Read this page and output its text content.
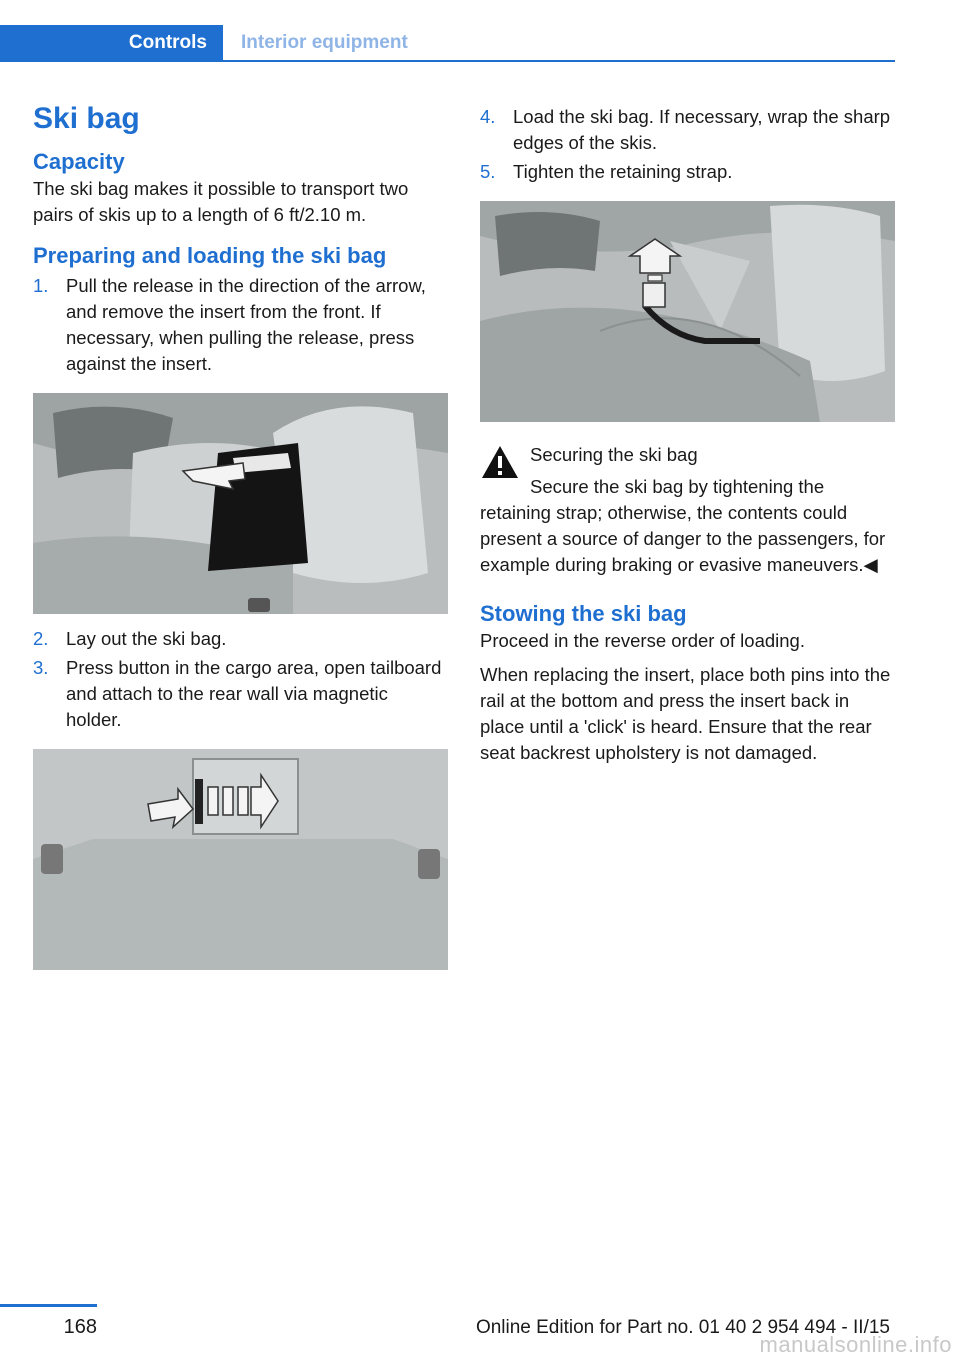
Controls	Interior equipment
Ski bag
Capacity

The ski bag makes it possible to transport two pairs of skis up to a length of 6 ft/2.10 m.

Preparing and loading the ski bag
1. Pull the release in the direction of the arrow, and remove the insert from the front. If necessary, when pulling the release, press against the insert.
2. Lay out the ski bag.
3. Press button in the cargo area, open tailboard and attach to the rear wall via magnetic holder.
4. Load the ski bag. If necessary, wrap the sharp edges of the skis.
5. Tighten the retaining strap.
Securing the ski bag

Secure the ski bag by tightening the retaining strap; otherwise, the contents could present a source of danger to the passengers, for example during braking or evasive maneuvers.◀

Stowing the ski bag

Proceed in the reverse order of loading.

When replacing the insert, place both pins into the rail at the bottom and press the insert back in place until a 'click' is heard. Ensure that the rear seat backrest upholstery is not damaged.

168	Online Edition for Part no. 01 40 2 954 494 - II/15
manualsonline.info
